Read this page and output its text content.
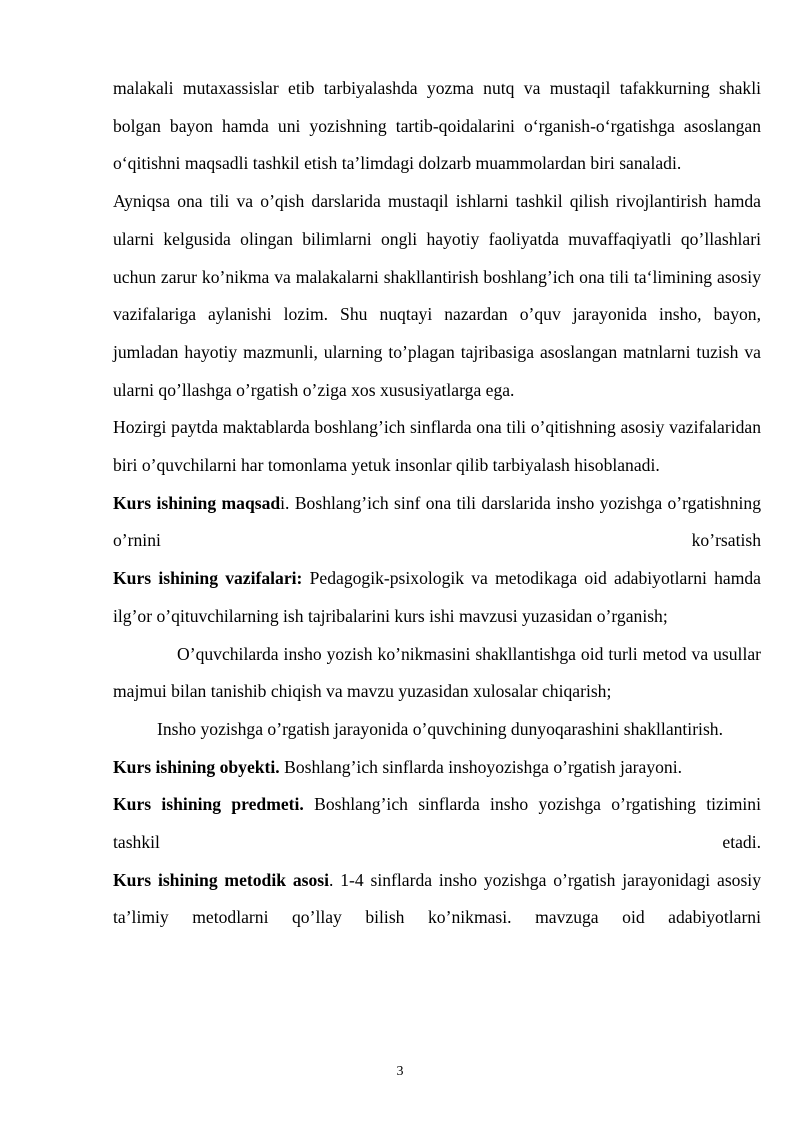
malakali mutaxassislar etib tarbiyalashda yozma nutq va mustaqil tafakkurning shakli bolgan bayon hamda uni yozishning tartib-qoidalarini oʻrganish-oʻrgatishga asoslangan oʻqitishni maqsadli tashkil etish ta’limdagi dolzarb muammolardan biri sanaladi.

Ayniqsa ona tili va o’qish darslarida mustaqil ishlarni tashkil qilish rivojlantirish hamda ularni kelgusida olingan bilimlarni ongli hayotiy faoliyatda muvaffaqiyatli qo’llashlari uchun zarur ko’nikma va malakalarni shakllantirish boshlang’ich ona tili taʻlimining asosiy vazifalariga aylanishi lozim. Shu nuqtayi nazardan o’quv jarayonida insho, bayon, jumladan hayotiy mazmunli, ularning to’plagan tajribasiga asoslangan matnlarni tuzish va ularni qo’llashga o’rgatish o’ziga xos xususiyatlarga ega.

Hozirgi paytda maktablarda boshlang’ich sinflarda ona tili o’qitishning asosiy vazifalaridan biri o’quvchilarni har tomonlama yetuk insonlar qilib tarbiyalash hisoblanadi.

Kurs ishining maqsadi. Boshlang’ich sinf ona tili darslarida insho yozishga o’rgatishning o’rnini ko’rsatish

Kurs ishining vazifalari: Pedagogik-psixologik va metodikaga oid adabiyotlarni hamda ilg’or o’qituvchilarning ish tajribalarini kurs ishi mavzusi yuzasidan o’rganish;

O’quvchilarda insho yozish ko’nikmasini shakllantishga oid turli metod va usullar majmui bilan tanishib chiqish va mavzu yuzasidan xulosalar chiqarish;

Insho yozishga o’rgatish jarayonida o’quvchining dunyoqarashini shakllantirish.

Kurs ishining obyekti. Boshlang’ich sinflarda inshoyozishga o’rgatish jarayoni.

Kurs ishining predmeti. Boshlang’ich sinflarda insho yozishga o’rgatishing tizimini tashkil etadi.

Kurs ishining metodik asosi. 1-4 sinflarda insho yozishga o’rgatish jarayonidagi asosiy ta’limiy metodlarni qo’llay bilish ko’nikmasi. mavzuga oid adabiyotlarni

3
